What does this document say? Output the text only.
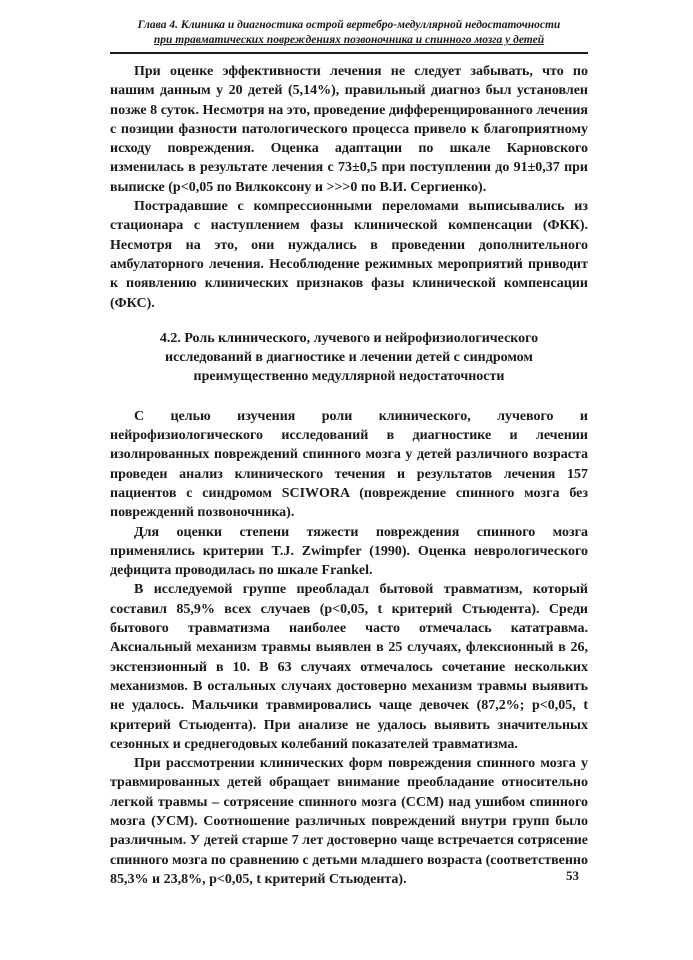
Глава 4. Клиника и диагностика острой вертебро-медуллярной недостаточности
при травматических повреждениях позвоночника и спинного мозга у детей

При оценке эффективности лечения не следует забывать, что по нашим данным у 20 детей (5,14%), правильный диагноз был установлен позже 8 суток. Несмотря на это, проведение дифференцированного лечения с позиции фазности патологического процесса привело к благоприятному исходу повреждения. Оценка адаптации по шкале Карновского изменилась в результате лечения с 73±0,5 при поступлении до 91±0,37 при выписке (p<0,05 по Вилкоксону и >>>0 по В.И. Сергиенко).

Пострадавшие с компрессионными переломами выписывались из стационара с наступлением фазы клинической компенсации (ФКК). Несмотря на это, они нуждались в проведении дополнительного амбулаторного лечения. Несоблюдение режимных мероприятий приводит к появлению клинических признаков фазы клинической компенсации (ФКС).

4.2. Роль клинического, лучевого и нейрофизиологического
исследований в диагностике и лечении детей с синдромом
преимущественно медуллярной недостаточности

С целью изучения роли клинического, лучевого и нейрофизиологического исследований в диагностике и лечении изолированных повреждений спинного мозга у детей различного возраста проведен анализ клинического течения и результатов лечения 157 пациентов с синдромом SCIWORA (повреждение спинного мозга без повреждений позвоночника).

Для оценки степени тяжести повреждения спинного мозга применялись критерии T.J. Zwimpfer (1990). Оценка неврологического дефицита проводилась по шкале Frankel.

В исследуемой группе преобладал бытовой травматизм, который составил 85,9% всех случаев (p<0,05, t критерий Стьюдента). Среди бытового травматизма наиболее часто отмечалась кататравма. Аксиальный механизм травмы выявлен в 25 случаях, флексионный в 26, экстензионный в 10. В 63 случаях отмечалось сочетание нескольких механизмов. В остальных случаях достоверно механизм травмы выявить не удалось. Мальчики травмировались чаще девочек (87,2%; p<0,05, t критерий Стьюдента). При анализе не удалось выявить значительных сезонных и среднегодовых колебаний показателей травматизма.

При рассмотрении клинических форм повреждения спинного мозга у травмированных детей обращает внимание преобладание относительно легкой травмы – сотрясение спинного мозга (ССМ) над ушибом спинного мозга (УСМ). Соотношение различных повреждений внутри групп было различным. У детей старше 7 лет достоверно чаще встречается сотрясение спинного мозга по сравнению с детьми младшего возраста (соответственно 85,3% и 23,8%, p<0,05, t критерий Стьюдента).	53
